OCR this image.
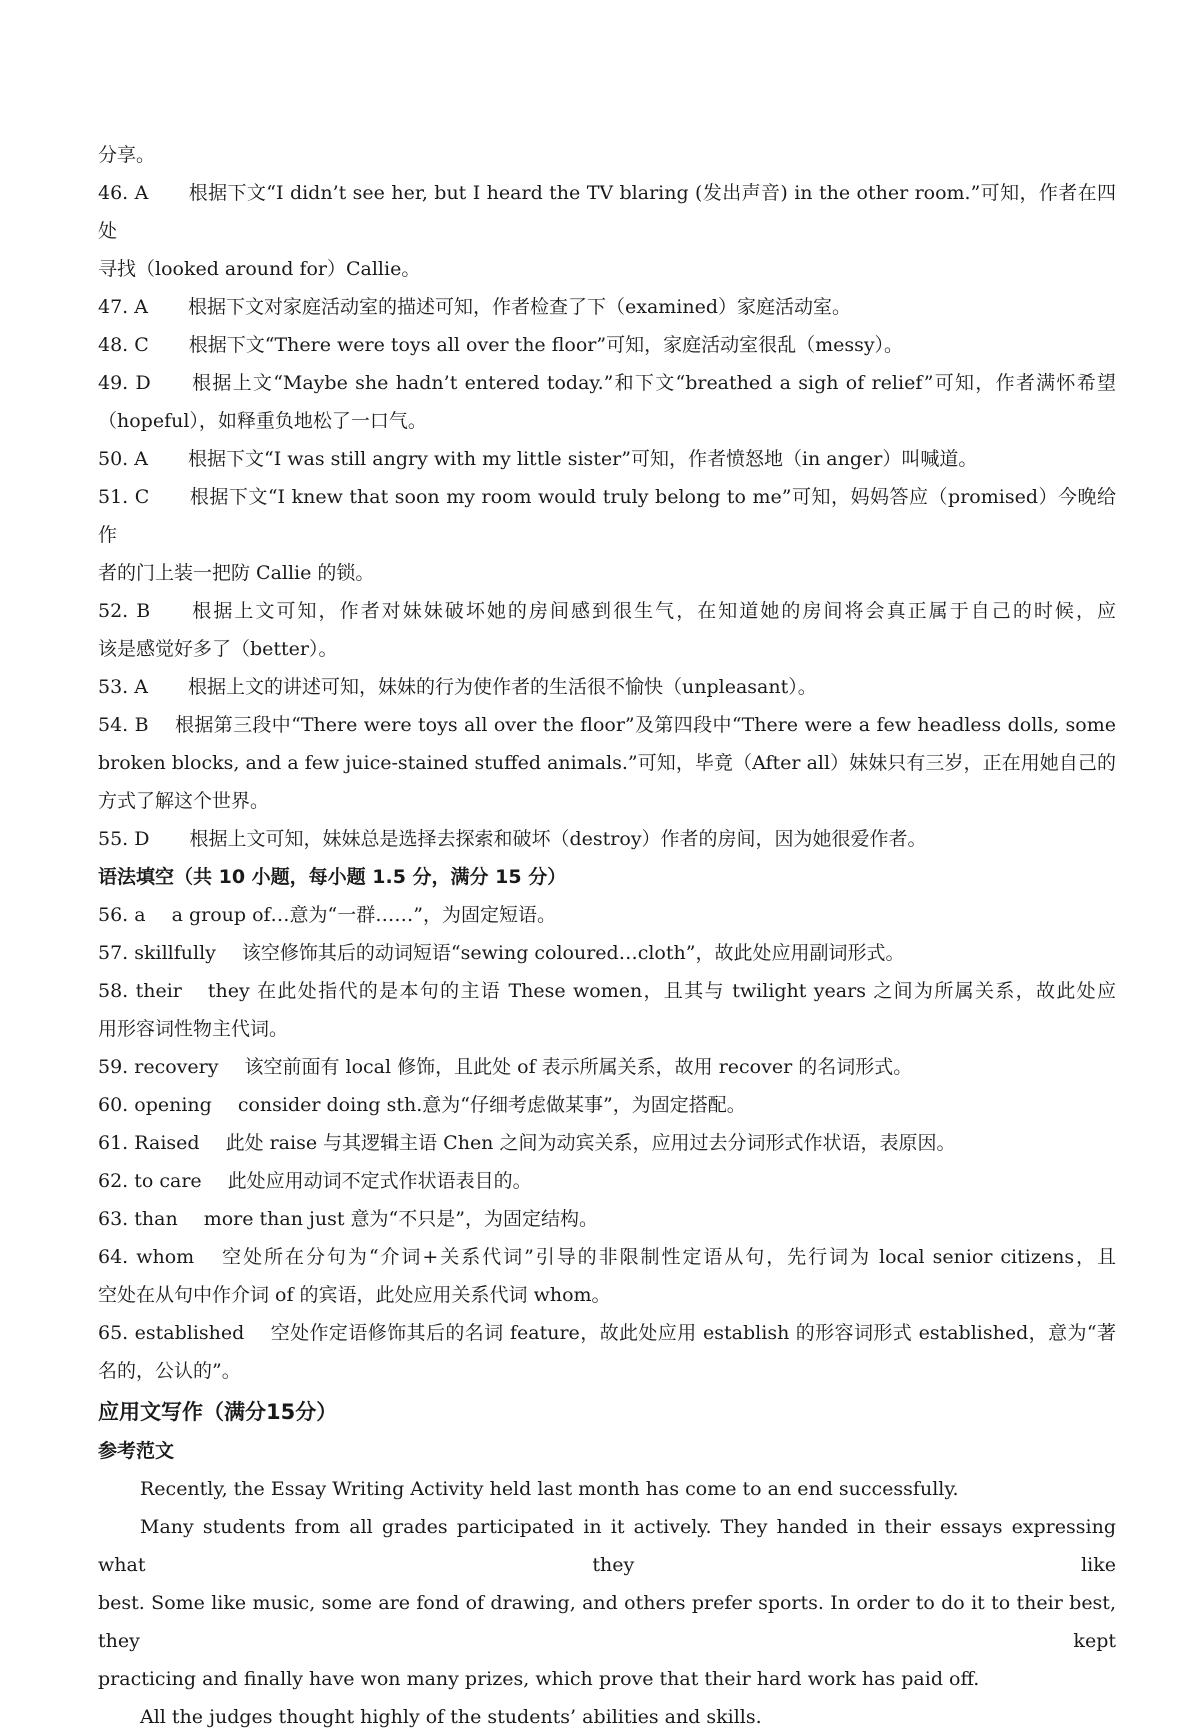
分享。
46. A 根据下文“I didn’t see her, but I heard the TV blaring (发出声音) in the other room.”可知，作者在四处
寻找（looked around for）Callie。
47. A 根据下文对家庭活动室的描述可知，作者检查了下（examined）家庭活动室。
48. C 根据下文“There were toys all over the floor”可知，家庭活动室很乱（messy）。
49. D 根据上文“Maybe she hadn’t entered today.”和下文“breathed a sigh of relief”可知，作者满怀希望
（hopeful），如释重负地松了一口气。
50. A 根据下文“I was still angry with my little sister”可知，作者愤怒地（in anger）叫喊道。
51. C 根据下文“I knew that soon my room would truly belong to me”可知，妈妈答应（promised）今晚给作
者的门上装一把防 Callie 的锁。
52. B 根据上文可知，作者对妹妹破坏她的房间感到很生气，在知道她的房间将会真正属于自己的时候，应
该是感觉好多了（better）。
53. A 根据上文的讲述可知，妹妹的行为使作者的生活很不愉快（unpleasant）。
54. B 根据第三段中“There were toys all over the floor”及第四段中“There were a few headless dolls, some
broken blocks, and a few juice-stained stuffed animals.”可知，毕竟（After all）妹妹只有三岁，正在用她自己的
方式了解这个世界。
55. D 根据上文可知，妹妹总是选择去探索和破坏（destroy）作者的房间，因为她很爱作者。
语法填空（共 10 小题，每小题 1.5 分，满分 15 分）
56. a a group of…意为“一群……”，为固定短语。
57. skillfully 该空修饰其后的动词短语“sewing coloured…cloth”，故此处应用副词形式。
58. their they 在此处指代的是本句的主语 These women，且其与 twilight years 之间为所属关系，故此处应
用形容词性物主代词。
59. recovery 该空前面有 local 修饰，且此处 of 表示所属关系，故用 recover 的名词形式。
60. opening consider doing sth.意为“仔细考虑做某事”，为固定搭配。
61. Raised 此处 raise 与其逻辑主语 Chen 之间为动宾关系，应用过去分词形式作状语，表原因。
62. to care 此处应用动词不定式作状语表目的。
63. than more than just 意为“不只是”，为固定结构。
64. whom 空处所在分句为“介词+关系代词”引导的非限制性定语从句，先行词为 local senior citizens，且
空处在从句中作介词 of 的宾语，此处应用关系代词 whom。
65. established 空处作定语修饰其后的名词 feature，故此处应用 establish 的形容词形式 established，意为“著
名的，公认的”。
应用文写作（满分15分）
参考范文

Recently, the Essay Writing Activity held last month has come to an end successfully.

Many students from all grades participated in it actively. They handed in their essays expressing what they like

best. Some like music, some are fond of drawing, and others prefer sports. In order to do it to their best, they kept

practicing and finally have won many prizes, which prove that their hard work has paid off.

All the judges thought highly of the students’ abilities and skills.
